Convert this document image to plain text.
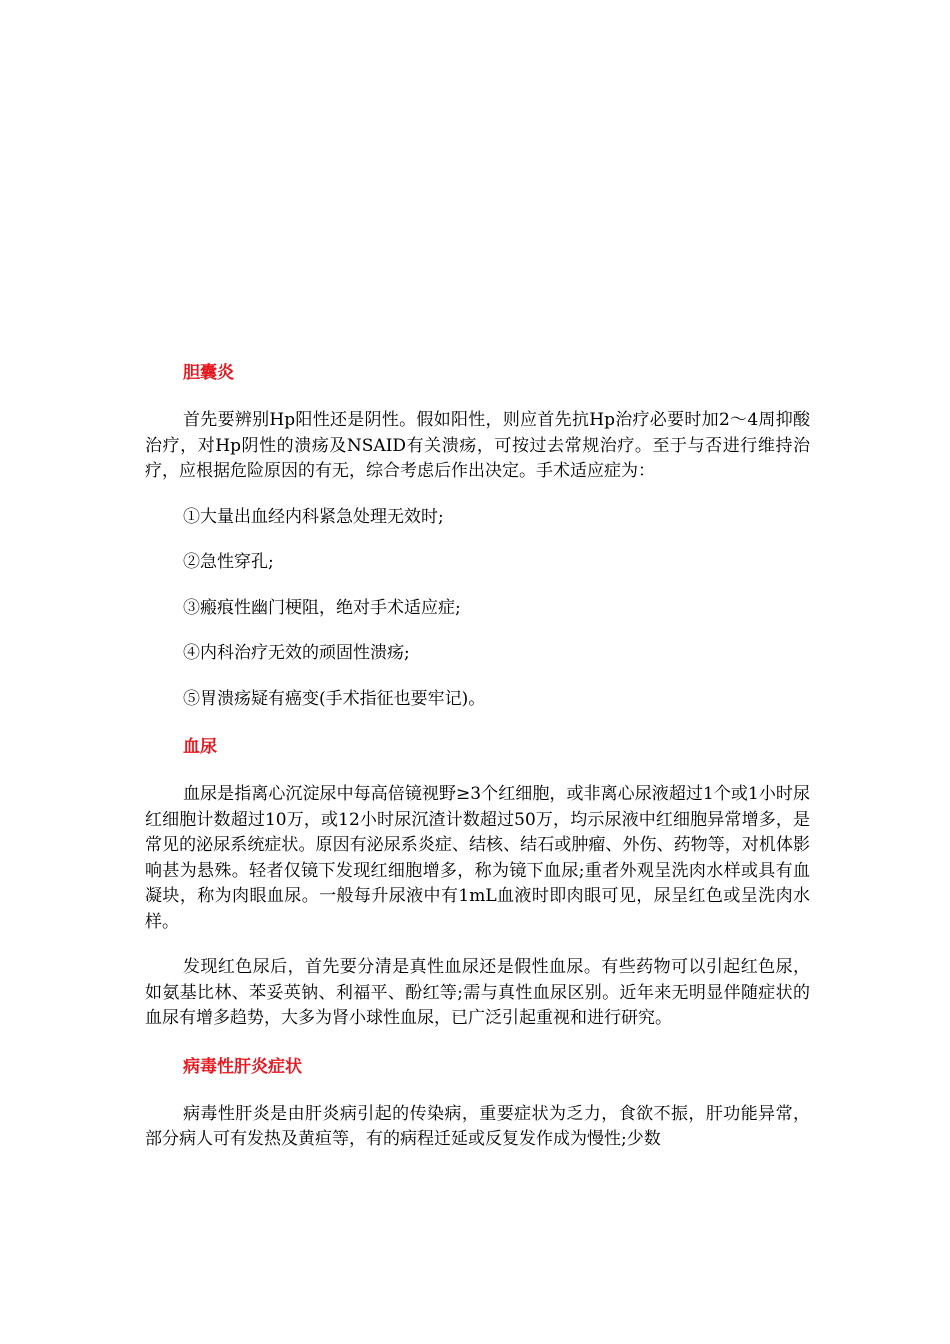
胆囊炎

首先要辨别Hp阳性还是阴性。假如阳性，则应首先抗Hp治疗必要时加2～4周抑酸治疗，对Hp阴性的溃疡及NSAID有关溃疡，可按过去常规治疗。至于与否进行维持治疗，应根据危险原因的有无，综合考虑后作出决定。手术适应症为：

①大量出血经内科紧急处理无效时;

②急性穿孔;

③瘢痕性幽门梗阻，绝对手术适应症;

④内科治疗无效的顽固性溃疡;

⑤胃溃疡疑有癌变(手术指征也要牢记)。

血尿

血尿是指离心沉淀尿中每高倍镜视野≥3个红细胞，或非离心尿液超过1个或1小时尿红细胞计数超过10万，或12小时尿沉渣计数超过50万，均示尿液中红细胞异常增多，是常见的泌尿系统症状。原因有泌尿系炎症、结核、结石或肿瘤、外伤、药物等，对机体影响甚为悬殊。轻者仅镜下发现红细胞增多，称为镜下血尿;重者外观呈洗肉水样或具有血凝块，称为肉眼血尿。一般每升尿液中有1mL血液时即肉眼可见，尿呈红色或呈洗肉水样。

发现红色尿后，首先要分清是真性血尿还是假性血尿。有些药物可以引起红色尿，如氨基比林、苯妥英钠、利福平、酚红等;需与真性血尿区别。近年来无明显伴随症状的血尿有增多趋势，大多为肾小球性血尿，已广泛引起重视和进行研究。

病毒性肝炎症状

病毒性肝炎是由肝炎病引起的传染病，重要症状为乏力，食欲不振，肝功能异常，部分病人可有发热及黄疸等，有的病程迁延或反复发作成为慢性;少数
